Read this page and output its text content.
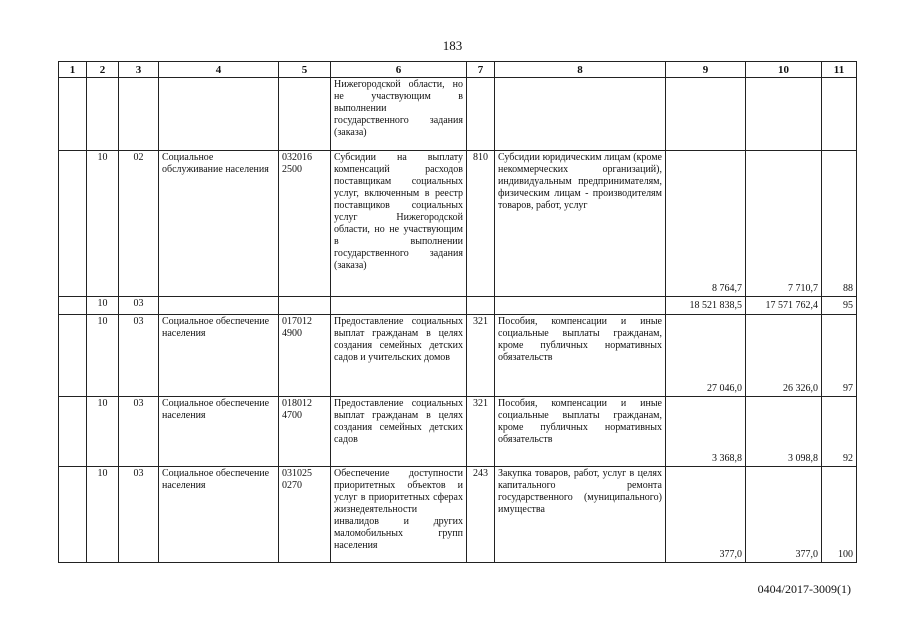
183
1	2	3	4	5	6	7	8	9	10	11
					Нижегородской области, но не участвующим в выполнении государственного задания (заказа)					
	10	02	Социальное обслуживание населения	032016 2500	Субсидии на выплату компенсаций расходов поставщикам социальных услуг, включенным в реестр поставщиков социальных услуг Нижегородской области, но не участвующим в выполнении государственного задания (заказа)	810	Субсидии юридическим лицам (кроме некоммерческих организаций), индивидуальным предпринимателям, физическим лицам - производителям товаров, работ, услуг	8 764,7	7 710,7	88
	10	03						18 521 838,5	17 571 762,4	95
	10	03	Социальное обеспечение населения	017012 4900	Предоставление социальных выплат гражданам в целях создания семейных детских садов и учительских домов	321	Пособия, компенсации и иные социальные выплаты гражданам, кроме публичных нормативных обязательств	27 046,0	26 326,0	97
	10	03	Социальное обеспечение населения	018012 4700	Предоставление социальных выплат гражданам в целях создания семейных детских садов	321	Пособия, компенсации и иные социальные выплаты гражданам, кроме публичных нормативных обязательств	3 368,8	3 098,8	92
	10	03	Социальное обеспечение населения	031025 0270	Обеспечение доступности приоритетных объектов и услуг в приоритетных сферах жизнедеятельности инвалидов и других маломобильных групп населения	243	Закупка товаров, работ, услуг в целях капитального ремонта государственного (муниципального) имущества	377,0	377,0	100
0404/2017-3009(1)
